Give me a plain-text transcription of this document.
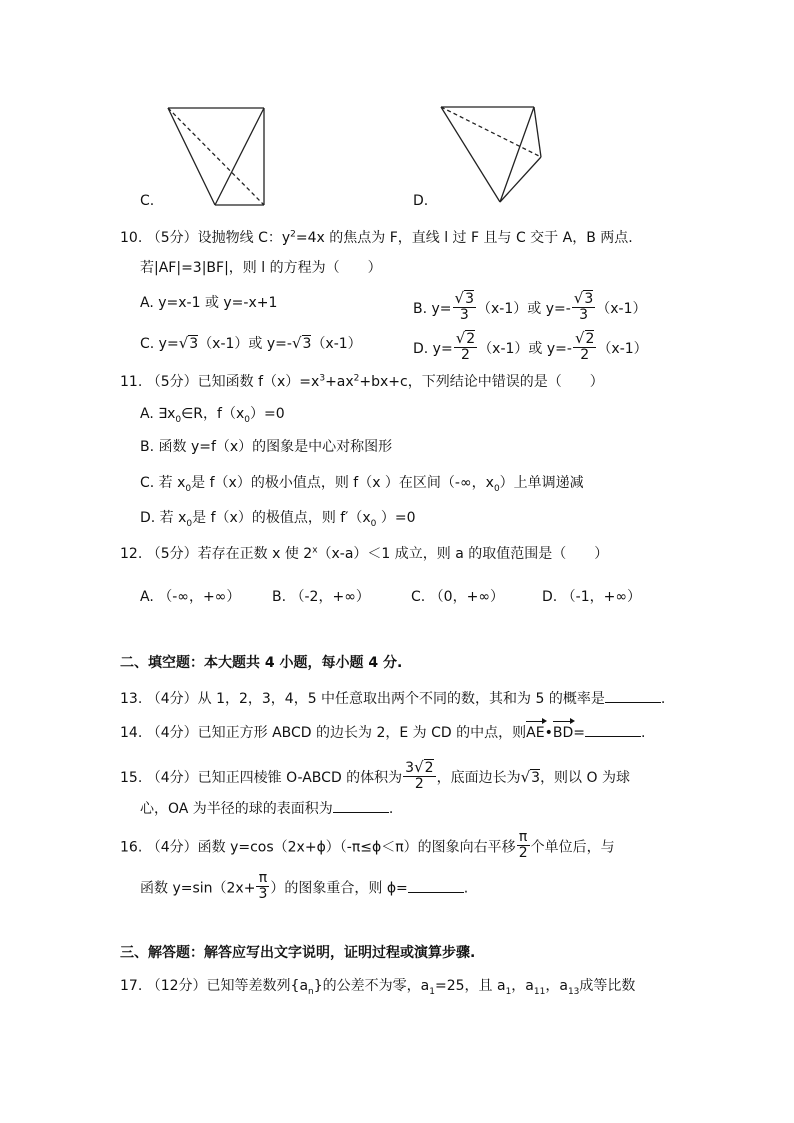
C.	D.
10. （5分）设抛物线 C：$y^2=4x$ 的焦点为 F，直线 l 过 F 且与 C 交于 A，B 两点.
若|AF|=3|BF|，则 l 的方程为（　　）
A. y=x-1 或 y=-x+1	B. $y= \frac{√3}{3} (x-1)$或 $y=- \frac{√3}{3} (x-1)$
C. y=√3（x-1）或 y=-√3（x-1）	D. $y= \frac{√2}{2} (x-1)$或 $y=- \frac{√2}{2} (x-1)$
11. （5分）已知函数 $f(x)=x^3+ax^2+bx+c$，下列结论中错误的是（　　）
A. $\exists x_0\in R$，$f(x_0)=0$
B. 函数 y=f（x）的图象是中心对称图形
C. 若 $x_0$是 f（x）的极小值点，则 f（x ）在区间（-∞，$x_0$）上单调递减
D. 若 $x_0$是 f（x）的极值点，则 $f'(x_0$ ）=0
12. （5分）若存在正数 x 使 $2^x(x-a)<1$ 成立，则 a 的取值范围是（　　）
A. （-∞，+∞） B. （-2，+∞）	C. （0，+∞）	D. （-1，+∞）
二、填空题：本大题共 4 小题，每小题 4 分.
13. （4分）从 1，2，3，4，5 中任意取出两个不同的数，其和为 5 的概率是	.
14. （4分）已知正方形 ABCD 的边长为 2，E 为 CD 的中点，则AE•BD=	.
15. （4分）已知正四棱锥 O-ABCD 的体积为 $\frac{3√2}{2}$ ，底面边长为√3，则以 O 为球
心，OA 为半径的球的表面积为	.
16. （4分）函数 y=cos（2x+ϕ）（-π≤ϕ＜π）的图象向右平移 $\frac{\pi}{2}$ 个单位后，与
函数 $y=\sin(2x+ \frac{\pi}{3}$ ）的图象重合，则 ϕ=	.
三、解答题：解答应写出文字说明，证明过程或演算步骤.
17. （12分）已知等差数列$\{a_n\}$的公差不为零，$a_1=25$，且 $a_1$，$a_{11}$，$a_{13}$成等比数
